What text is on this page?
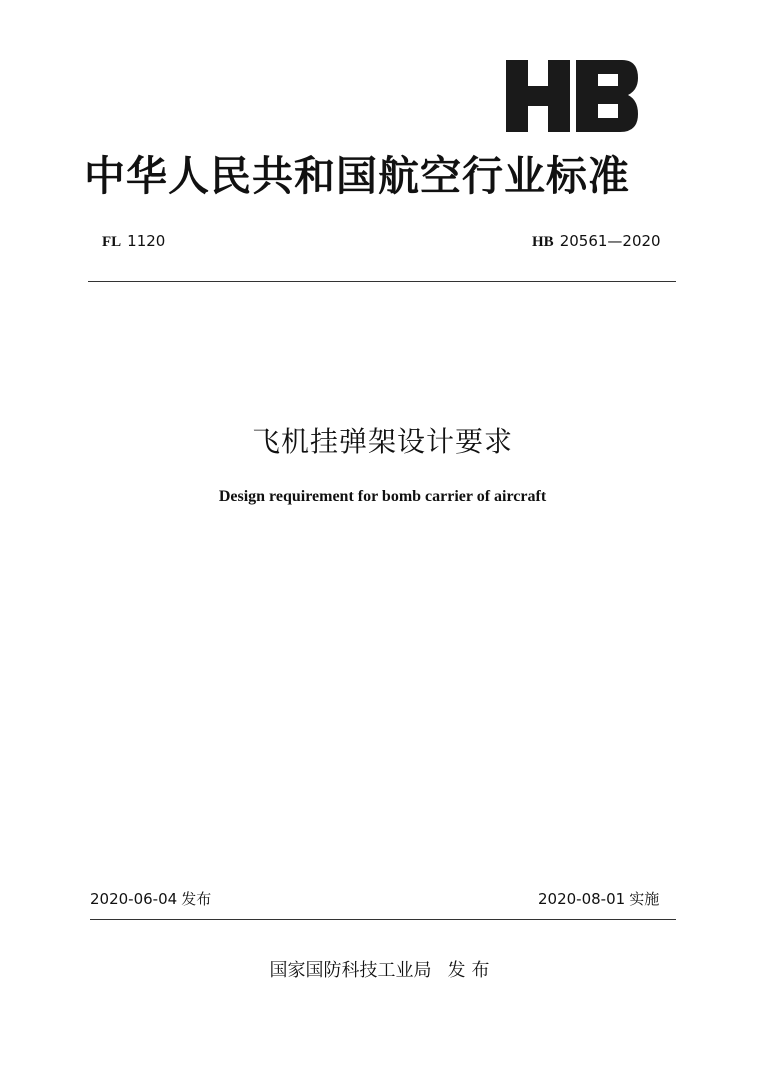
中华人民共和国航空行业标准
FL 1120	HB 20561—2020
飞机挂弹架设计要求
Design requirement for bomb carrier of aircraft
2020-06-04 发布	2020-08-01 实施
国家国防科技工业局 发布
